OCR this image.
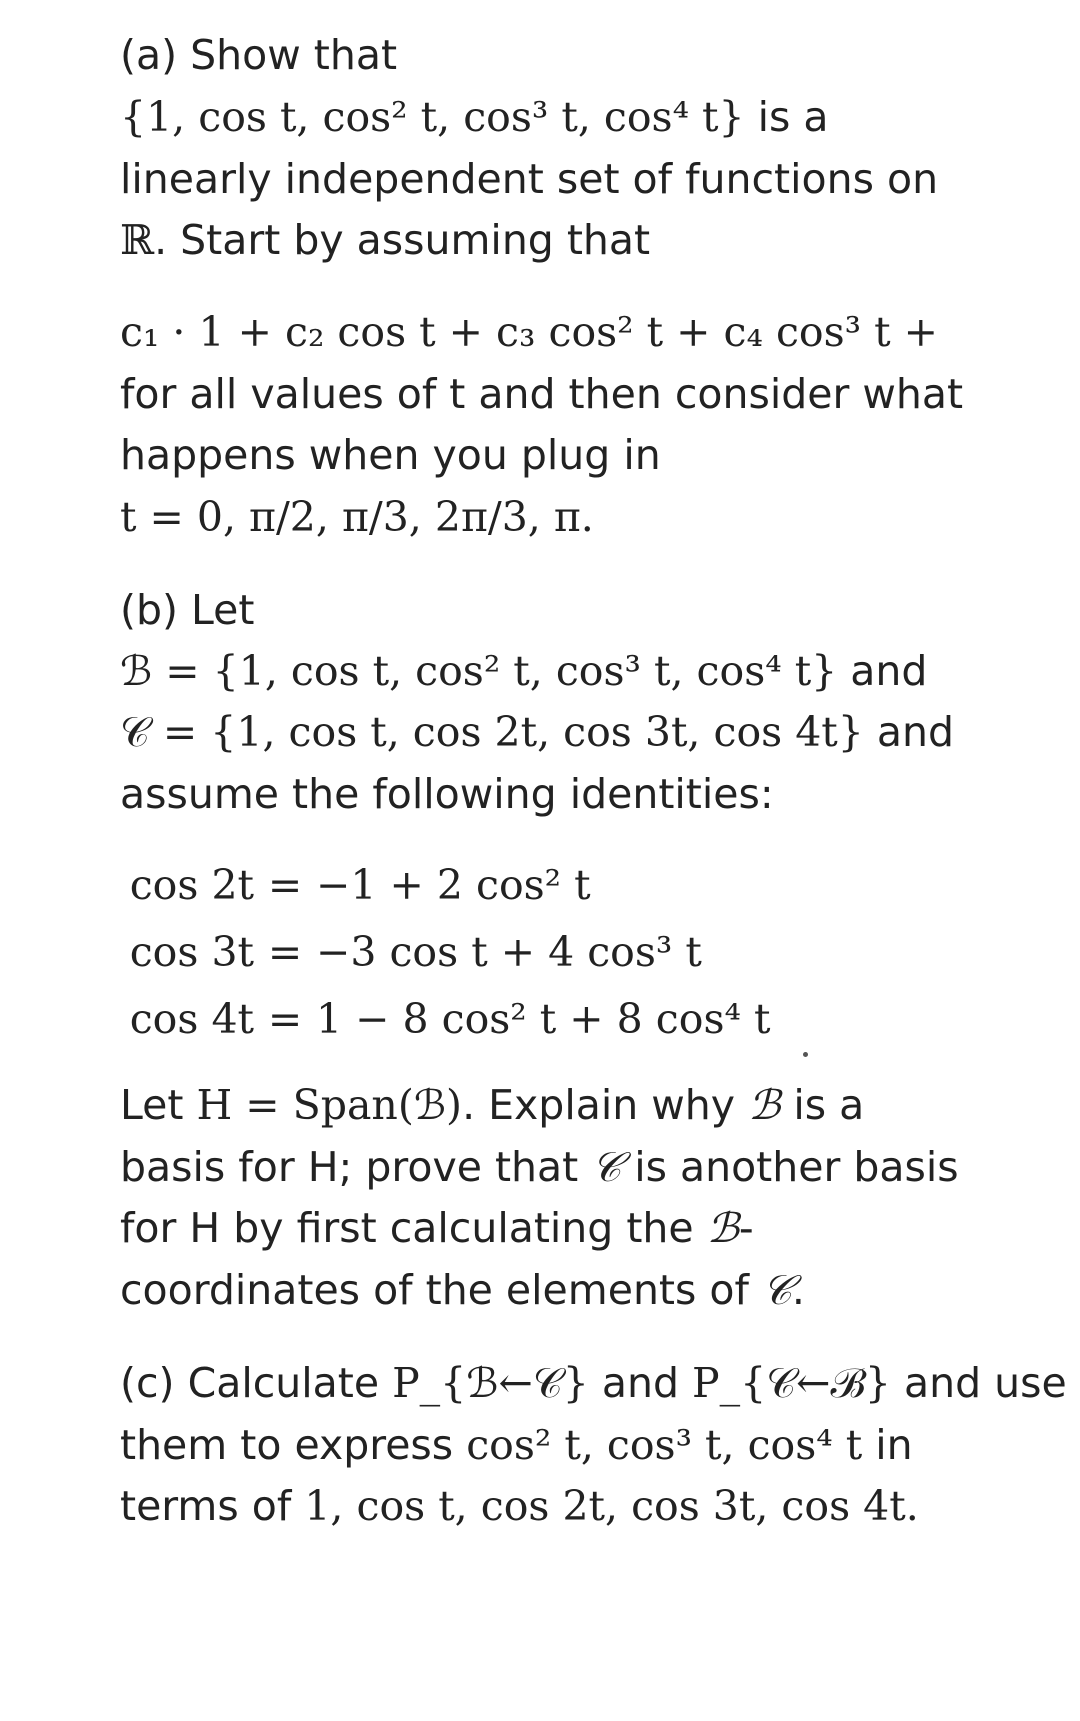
(a) Show that
{1, cos t, cos² t, cos³ t, cos⁴ t} is a
linearly independent set of functions on
ℝ. Start by assuming that
c₁ · 1 + c₂ cos t + c₃ cos² t + c₄ cos³ t +
for all values of t and then consider what
happens when you plug in
t = 0, π/2, π/3, 2π/3, π.
(b) Let
ℬ = {1, cos t, cos² t, cos³ t, cos⁴ t} and
𝒞 = {1, cos t, cos 2t, cos 3t, cos 4t} and
assume the following identities:
cos 2t = −1 + 2 cos² t
cos 3t = −3 cos t + 4 cos³ t
cos 4t = 1 − 8 cos² t + 8 cos⁴ t
Let H = Span(ℬ). Explain why ℬ is a
basis for H; prove that 𝒞 is another basis
for H by first calculating the ℬ-
coordinates of the elements of 𝒞.
(c) Calculate P_{ℬ←𝒞} and P_{𝒞←ℬ} and use
them to express cos² t, cos³ t, cos⁴ t in
terms of 1, cos t, cos 2t, cos 3t, cos 4t.
